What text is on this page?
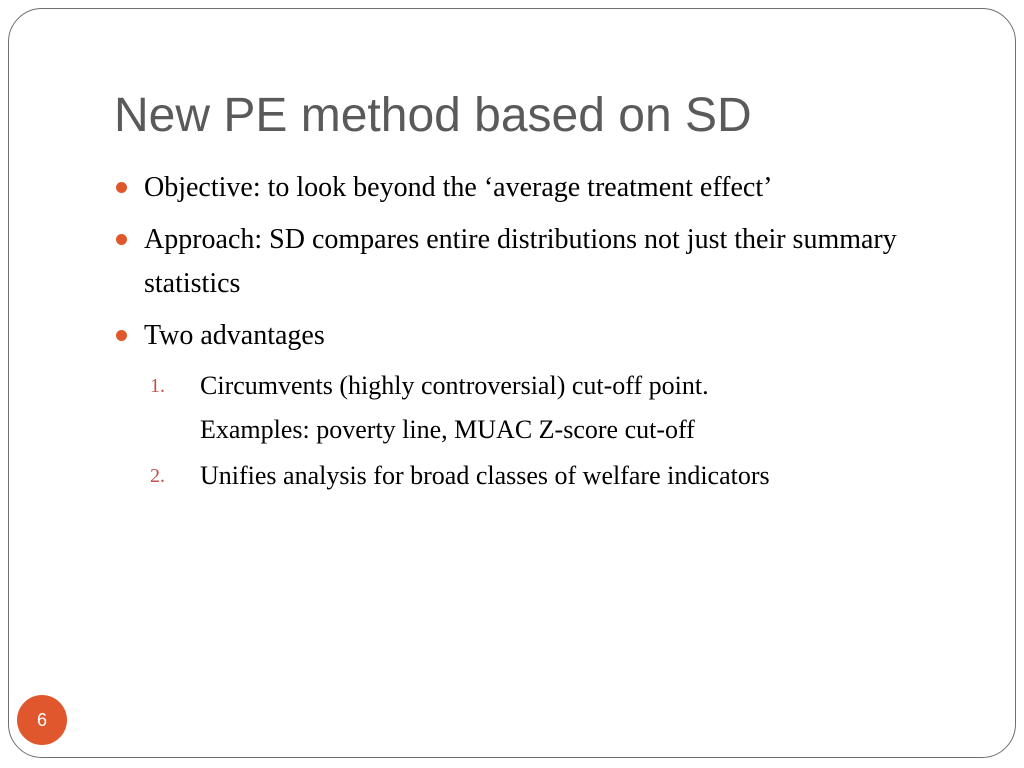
New PE method based on SD
Objective: to look beyond the ‘average treatment effect’
Approach: SD compares entire distributions not just their summary statistics
Two advantages
1. Circumvents (highly controversial) cut-off point.
Examples: poverty line, MUAC Z-score cut-off
2. Unifies analysis for broad classes of welfare indicators
6
